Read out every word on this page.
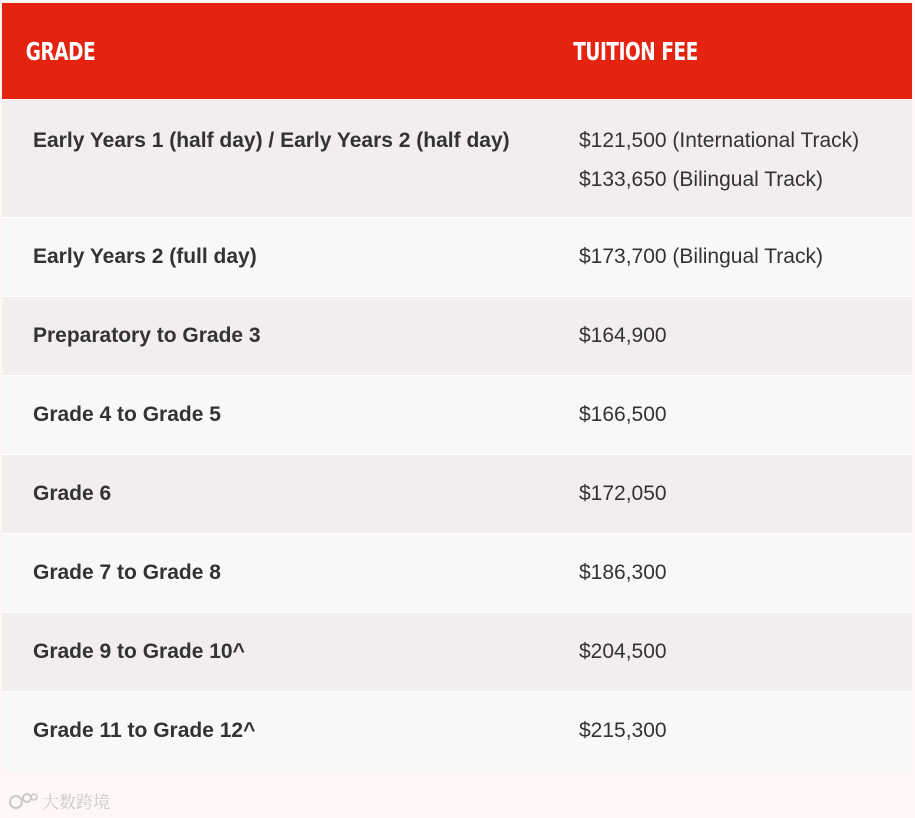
GRADE	TUITION FEE
Early Years 1 (half day) / Early Years 2 (half day)	$121,500 (International Track)
$133,650 (Bilingual Track)
Early Years 2 (full day)	$173,700 (Bilingual Track)
Preparatory to Grade 3	$164,900
Grade 4 to Grade 5	$166,500
Grade 6	$172,050
Grade 7 to Grade 8	$186,300
Grade 9 to Grade 10^	$204,500
Grade 11 to Grade 12^	$215,300
大数跨境
